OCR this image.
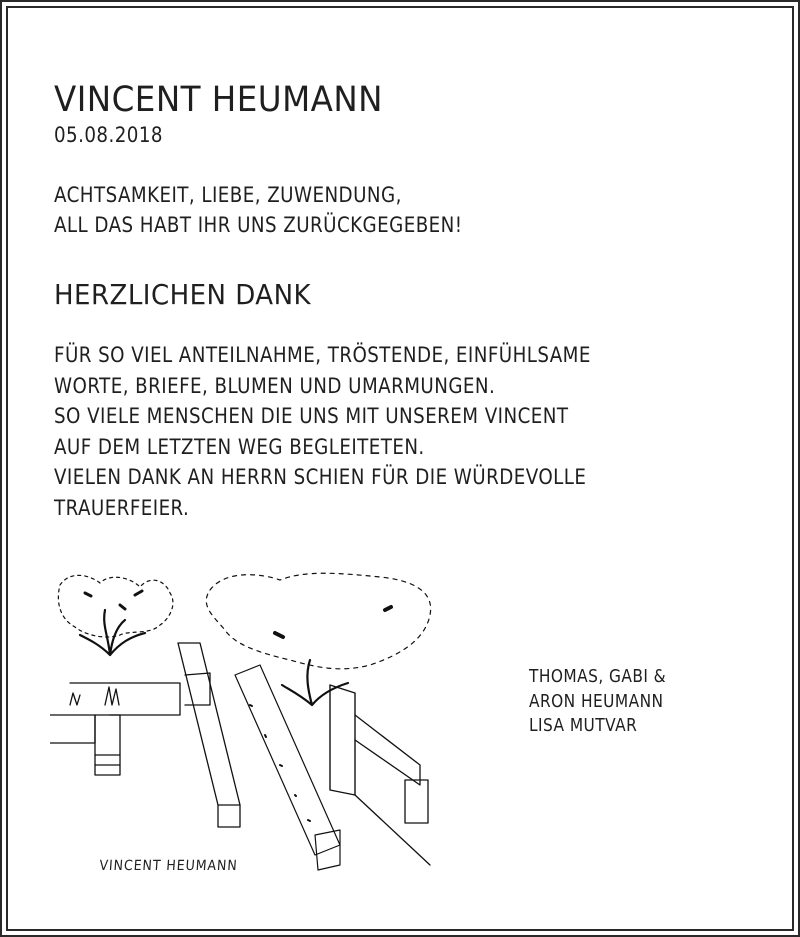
VINCENT HEUMANN
05.08.2018
ACHTSAMKEIT, LIEBE, ZUWENDUNG,
ALL DAS HABT IHR UNS ZURÜCKGEGEBEN!
HERZLICHEN DANK
FÜR SO VIEL ANTEILNAHME, TRÖSTENDE, EINFÜHLSAME
WORTE, BRIEFE, BLUMEN UND UMARMUNGEN.
SO VIELE MENSCHEN DIE UNS MIT UNSEREM VINCENT
AUF DEM LETZTEN WEG BEGLEITETEN.
VIELEN DANK AN HERRN SCHIEN FÜR DIE WÜRDEVOLLE
TRAUERFEIER.
VINCENT HEUMANN
THOMAS, GABI &
ARON HEUMANN
LISA MUTVAR
